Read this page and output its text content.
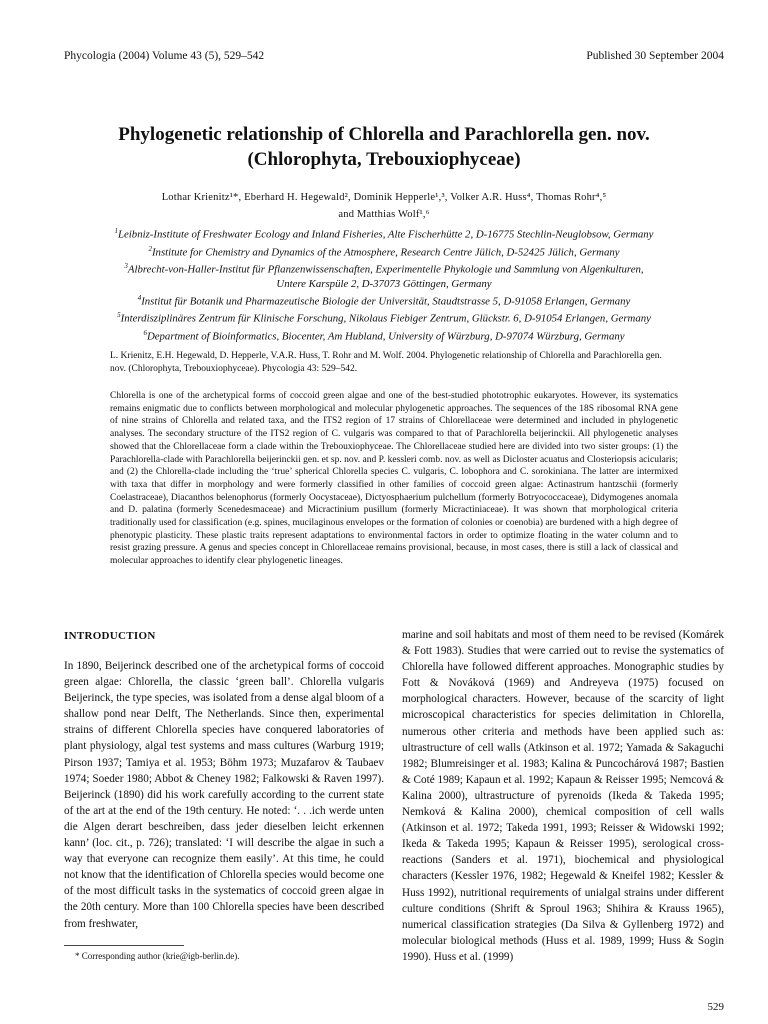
Phycologia (2004) Volume 43 (5), 529–542	Published 30 September 2004
Phylogenetic relationship of Chlorella and Parachlorella gen. nov.
(Chlorophyta, Trebouxiophyceae)
Lothar Krienitz¹*, Eberhard H. Hegewald², Dominik Hepperle¹,³, Volker A.R. Huss⁴, Thomas Rohr⁴,⁵
and Matthias Wolf¹,⁶
$^1$Leibniz-Institute of Freshwater Ecology and Inland Fisheries, Alte Fischerhütte 2, D-16775 Stechlin-Neuglobsow, Germany
$^2$Institute for Chemistry and Dynamics of the Atmosphere, Research Centre Jülich, D-52425 Jülich, Germany
$^3$Albrecht-von-Haller-Institut für Pflanzenwissenschaften, Experimentelle Phykologie und Sammlung von Algenkulturen,
Untere Karspüle 2, D-37073 Göttingen, Germany
$^4$Institut für Botanik und Pharmazeutische Biologie der Universität, Staudtstrasse 5, D-91058 Erlangen, Germany
$^5$Interdisziplinäres Zentrum für Klinische Forschung, Nikolaus Fiebiger Zentrum, Glückstr. 6, D-91054 Erlangen, Germany
$^6$Department of Bioinformatics, Biocenter, Am Hubland, University of Würzburg, D-97074 Würzburg, Germany
L. Krienitz, E.H. Hegewald, D. Hepperle, V.A.R. Huss, T. Rohr and M. Wolf. 2004. Phylogenetic relationship of Chlorella and Parachlorella gen. nov. (Chlorophyta, Trebouxiophyceae). Phycologia 43: 529–542.
Chlorella is one of the archetypical forms of coccoid green algae and one of the best-studied phototrophic eukaryotes. However, its systematics remains enigmatic due to conflicts between morphological and molecular phylogenetic approaches. The sequences of the 18S ribosomal RNA gene of nine strains of Chlorella and related taxa, and the ITS2 region of 17 strains of Chlorellaceae were determined and included in phylogenetic analyses. The secondary structure of the ITS2 region of C. vulgaris was compared to that of Parachlorella beijerinckii. All phylogenetic analyses showed that the Chlorellaceae form a clade within the Trebouxiophyceae. The Chlorellaceae studied here are divided into two sister groups: (1) the Parachlorella-clade with Parachlorella beijerinckii gen. et sp. nov. and P. kessleri comb. nov. as well as Dicloster acuatus and Closteriopsis acicularis; and (2) the Chlorella-clade including the ‘true’ spherical Chlorella species C. vulgaris, C. lobophora and C. sorokiniana. The latter are intermixed with taxa that differ in morphology and were formerly classified in other families of coccoid green algae: Actinastrum hantzschii (formerly Coelastraceae), Diacanthos belenophorus (formerly Oocystaceae), Dictyosphaerium pulchellum (formerly Botryococcaceae), Didymogenes anomala and D. palatina (formerly Scenedesmaceae) and Micractinium pusillum (formerly Micractiniaceae). It was shown that morphological criteria traditionally used for classification (e.g. spines, mucilaginous envelopes or the formation of colonies or coenobia) are burdened with a high degree of phenotypic plasticity. These plastic traits represent adaptations to environmental factors in order to optimize floating in the water column and to resist grazing pressure. A genus and species concept in Chlorellaceae remains provisional, because, in most cases, there is still a lack of classical and molecular approaches to identify clear phylogenetic lineages.
INTRODUCTION
In 1890, Beijerinck described one of the archetypical forms of coccoid green algae: Chlorella, the classic ‘green ball’. Chlorella vulgaris Beijerinck, the type species, was isolated from a dense algal bloom of a shallow pond near Delft, The Netherlands. Since then, experimental strains of different Chlorella species have conquered laboratories of plant physiology, algal test systems and mass cultures (Warburg 1919; Pirson 1937; Tamiya et al. 1953; Böhm 1973; Muzafarov & Taubaev 1974; Soeder 1980; Abbot & Cheney 1982; Falkowski & Raven 1997). Beijerinck (1890) did his work carefully according to the current state of the art at the end of the 19th century. He noted: ‘. . .ich werde unten die Algen derart beschreiben, dass jeder dieselben leicht erkennen kann’ (loc. cit., p. 726); translated: ‘I will describe the algae in such a way that everyone can recognize them easily’. At this time, he could not know that the identification of Chlorella species would become one of the most difficult tasks in the systematics of coccoid green algae in the 20th century. More than 100 Chlorella species have been described from freshwater,
marine and soil habitats and most of them need to be revised (Komárek & Fott 1983). Studies that were carried out to revise the systematics of Chlorella have followed different approaches. Monographic studies by Fott & Nováková (1969) and Andreyeva (1975) focused on morphological characters. However, because of the scarcity of light microscopical characteristics for species delimitation in Chlorella, numerous other criteria and methods have been applied such as: ultrastructure of cell walls (Atkinson et al. 1972; Yamada & Sakaguchi 1982; Blumreisinger et al. 1983; Kalina & Puncochárová 1987; Bastien & Coté 1989; Kapaun et al. 1992; Kapaun & Reisser 1995; Nemcová & Kalina 2000), ultrastructure of pyrenoids (Ikeda & Takeda 1995; Nemková & Kalina 2000), chemical composition of cell walls (Atkinson et al. 1972; Takeda 1991, 1993; Reisser & Widowski 1992; Ikeda & Takeda 1995; Kapaun & Reisser 1995), serological cross-reactions (Sanders et al. 1971), biochemical and physiological characters (Kessler 1976, 1982; Hegewald & Kneifel 1982; Kessler & Huss 1992), nutritional requirements of unialgal strains under different culture conditions (Shrift & Sproul 1963; Shihira & Krauss 1965), numerical classification strategies (Da Silva & Gyllenberg 1972) and molecular biological methods (Huss et al. 1989, 1999; Huss & Sogin 1990). Huss et al. (1999)
* Corresponding author (krie@igb-berlin.de).
529
